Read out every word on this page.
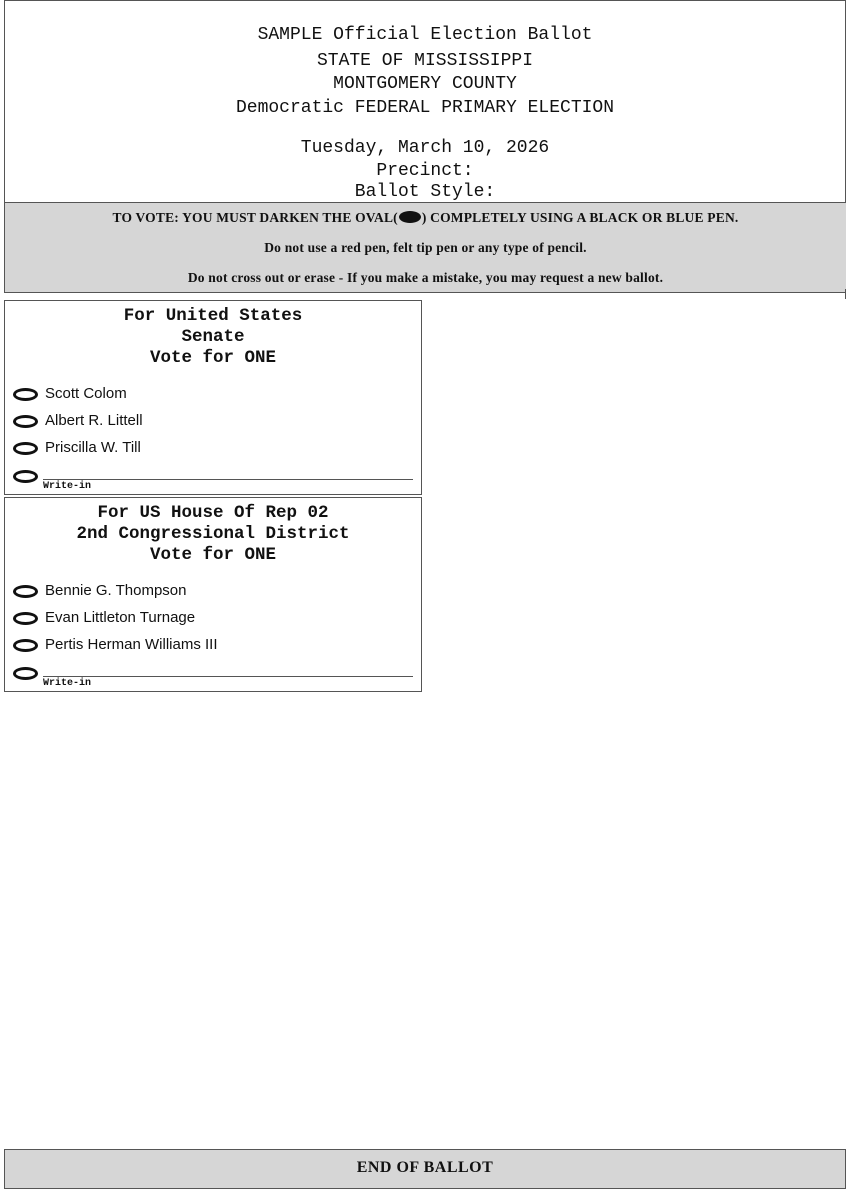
SAMPLE Official Election Ballot
STATE OF MISSISSIPPI
MONTGOMERY COUNTY
Democratic FEDERAL PRIMARY ELECTION
Tuesday, March 10, 2026
Precinct:
Ballot Style:
TO VOTE: YOU MUST DARKEN THE OVAL( ) COMPLETELY USING A BLACK OR BLUE PEN.
Do not use a red pen, felt tip pen or any type of pencil.
Do not cross out or erase - If you make a mistake, you may request a new ballot.
For United States
Senate
Vote for ONE
Scott Colom
Albert R. Littell
Priscilla W. Till
Write-in
For US House Of Rep 02
2nd Congressional District
Vote for ONE
Bennie G. Thompson
Evan Littleton Turnage
Pertis Herman Williams III
Write-in
END OF BALLOT
